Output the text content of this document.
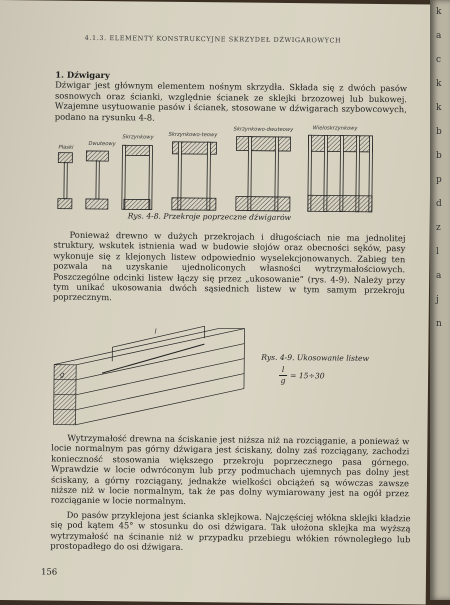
4.1.3. ELEMENTY KONSTRUKCYJNE SKRZYDEŁ DŹWIGAROWYCH
1. Dźwigary
Dźwigar jest głównym elementem nośnym skrzydła. Składa się z dwóch pasów sosnowych oraz ścianki, względnie ścianek ze sklejki brzozowej lub bukowej. Wzajemne usytuowanie pasów i ścianek, stosowane w dźwigarach szybowcowych, podano na rysunku 4-8.
Płaski
Dwuteowy
Skrzynkowy	Skrzynkowo-teowy
Skrzynkowo-dwuteowy	Wieloskrzynkowy
Rys. 4-8. Przekroje poprzeczne dźwigarów
Ponieważ drewno w dużych przekrojach i długościach nie ma jednolitej struktury, wskutek istnienia wad w budowie słojów oraz obecności sęków, pasy wykonuje się z klejonych listew odpowiednio wyselekcjonowanych. Zabieg ten pozwala na uzyskanie ujednoliconych własności wytrzymałościowych. Poszczególne odcinki listew łączy się przez „ukosowanie” (rys. 4-9). Należy przy tym unikać ukosowania dwóch sąsiednich listew w tym samym przekroju poprzecznym.
l
g
Rys. 4-9. Ukosowanie listew
l
g
= 15÷30
Wytrzymałość drewna na ściskanie jest niższa niż na rozciąganie, a ponieważ w locie normalnym pas górny dźwigara jest ściskany, dolny zaś rozciągany, zachodzi konieczność stosowania większego przekroju poprzecznego pasa górnego. Wprawdzie w locie odwróconym lub przy podmuchach ujemnych pas dolny jest ściskany, a górny rozciągany, jednakże wielkości obciążeń są wówczas zawsze niższe niż w locie normalnym, tak że pas dolny wymiarowany jest na ogół przez rozciąganie w locie normalnym.
Do pasów przyklejona jest ścianka sklejkowa. Najczęściej włókna sklejki kładzie się pod kątem 45° w stosunku do osi dźwigara. Tak ułożona sklejka ma wyższą wytrzymałość na ścinanie niż w przypadku przebiegu włókien równoległego lub prostopadłego do osi dźwigara.
156
k
a
c
k
k
b
b
p
d
z
l
a
j
n
